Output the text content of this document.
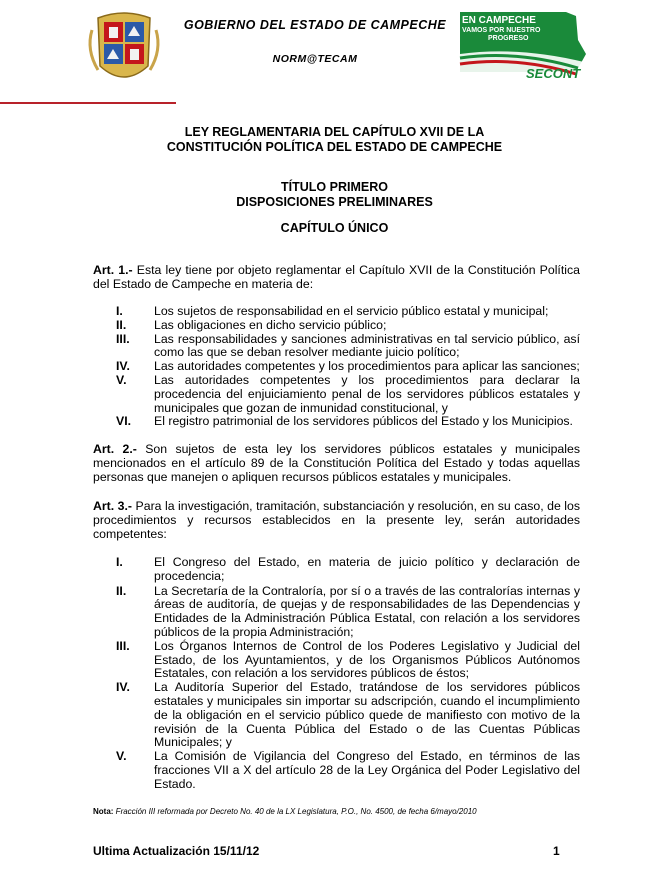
GOBIERNO DEL ESTADO DE CAMPECHE
NORM@TECAM
EN CAMPECHE
VAMOS POR NUESTRO
PROGRESO
SECONT
LEY REGLAMENTARIA DEL CAPÍTULO XVII DE LA
CONSTITUCIÓN POLÍTICA DEL ESTADO DE CAMPECHE
TÍTULO PRIMERO
DISPOSICIONES PRELIMINARES
CAPÍTULO ÚNICO
Art. 1.- Esta ley tiene por objeto reglamentar el Capítulo XVII de la Constitución Política del Estado de Campeche en materia de:
I.	Los sujetos de responsabilidad en el servicio público estatal y municipal;
II.	Las obligaciones en dicho servicio público;
III.	Las responsabilidades y sanciones administrativas en tal servicio público, así como las que se deban resolver mediante juicio político;
IV.	Las autoridades competentes y los procedimientos para aplicar las sanciones;
V.	Las autoridades competentes y los procedimientos para declarar la procedencia del enjuiciamiento penal de los servidores públicos estatales y municipales que gozan de inmunidad constitucional, y
VI.	El registro patrimonial de los servidores públicos del Estado y los Municipios.
Art. 2.- Son sujetos de esta ley los servidores públicos estatales y municipales mencionados en el artículo 89 de la Constitución Política del Estado y todas aquellas personas que manejen o apliquen recursos públicos estatales y municipales.
Art. 3.- Para la investigación, tramitación, substanciación y resolución, en su caso, de los procedimientos y recursos establecidos en la presente ley, serán autoridades competentes:
I.	El Congreso del Estado, en materia de juicio político y declaración de procedencia;
II.	La Secretaría de la Contraloría, por sí o a través de las contralorías internas y áreas de auditoría, de quejas y de responsabilidades de las Dependencias y Entidades de la Administración Pública Estatal, con relación a los servidores públicos de la propia Administración;
III.	Los Órganos Internos de Control de los Poderes Legislativo y Judicial del Estado, de los Ayuntamientos, y de los Organismos Públicos Autónomos Estatales, con relación a los servidores públicos de éstos;
IV.	La Auditoría Superior del Estado, tratándose de los servidores públicos estatales y municipales sin importar su adscripción, cuando el incumplimiento de la obligación en el servicio público quede de manifiesto con motivo de la revisión de la Cuenta Pública del Estado o de las Cuentas Públicas Municipales; y
V.	La Comisión de Vigilancia del Congreso del Estado, en términos de las fracciones VII a X del artículo 28 de la Ley Orgánica del Poder Legislativo del Estado.
Nota: Fracción III reformada por Decreto No. 40 de la LX Legislatura, P.O., No. 4500, de fecha 6/mayo/2010
Ultima Actualización 15/11/12	1
